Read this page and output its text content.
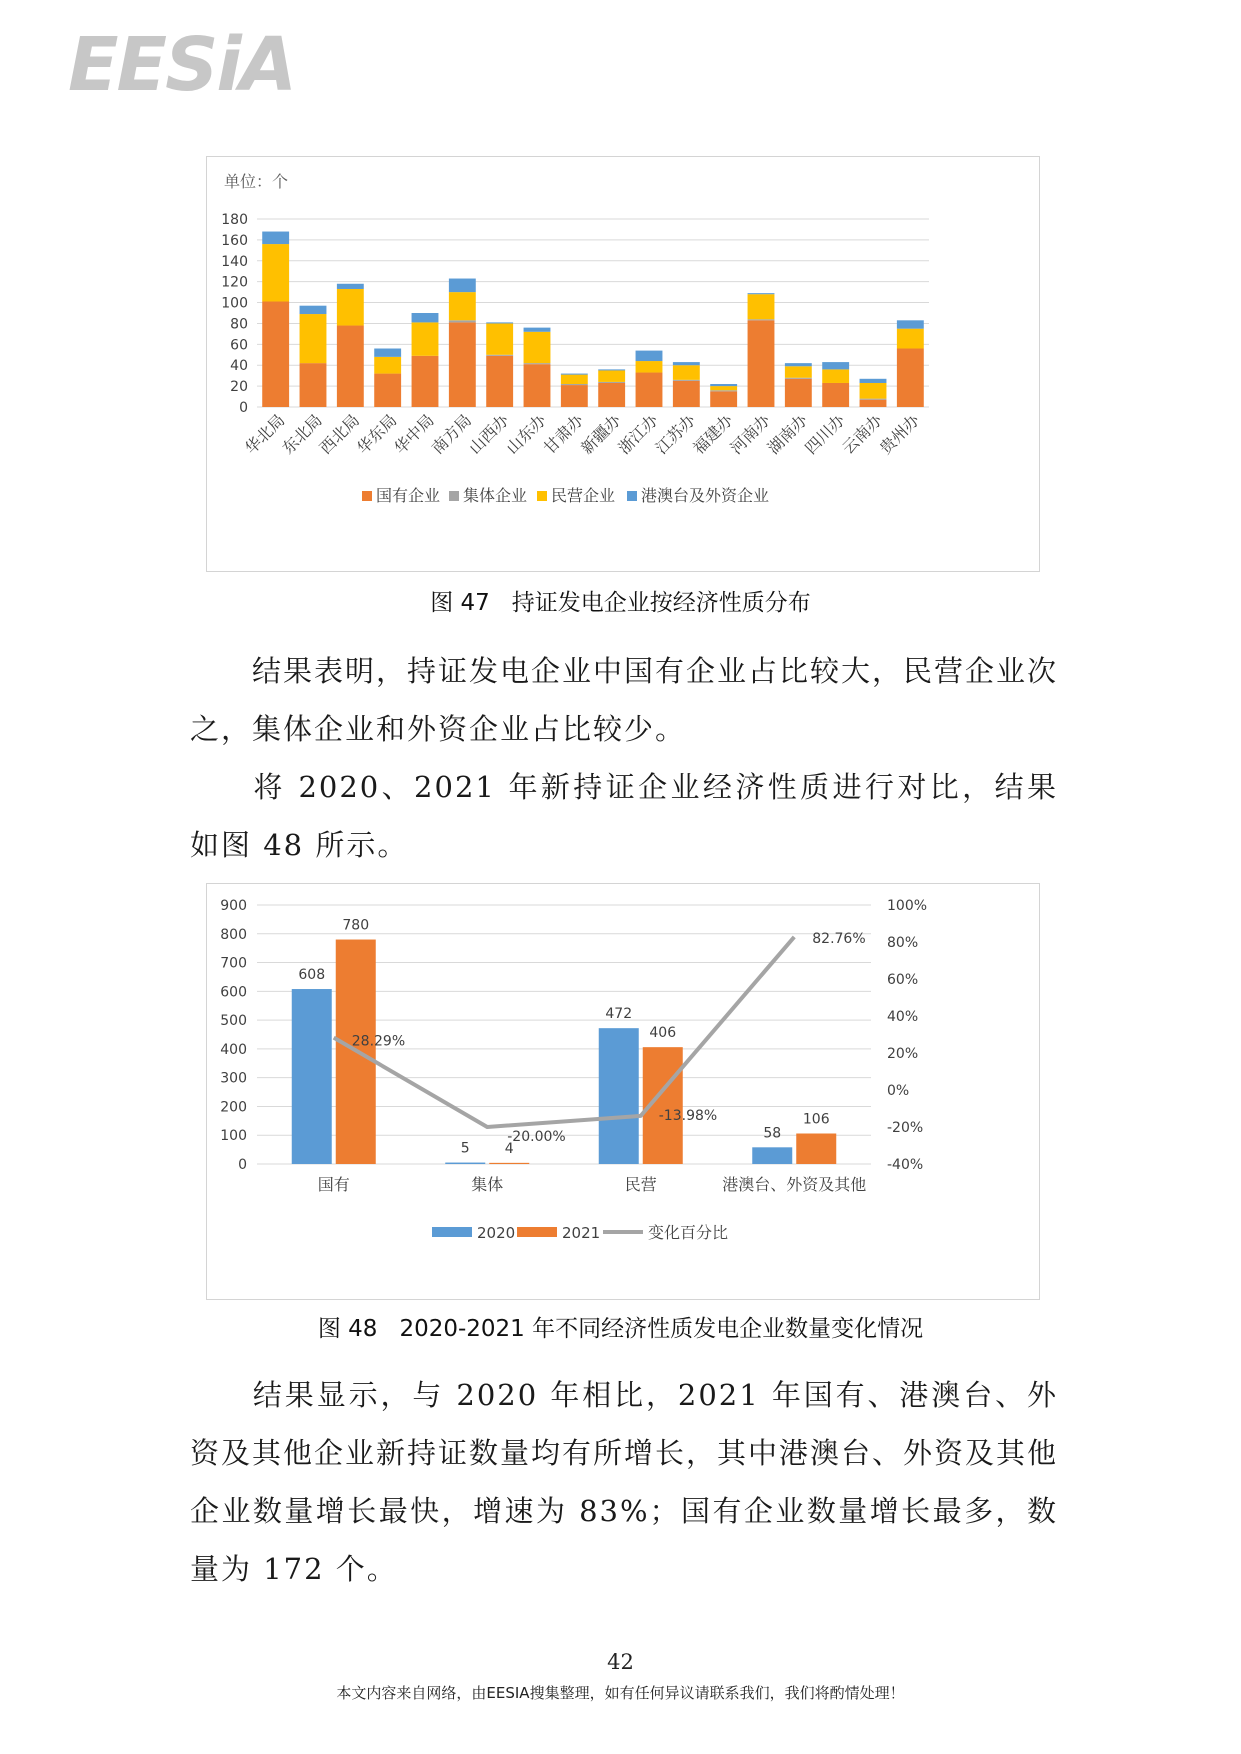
EESiA
单位：个
0
20
40
60
80
100
120
140
160
180
华北局
东北局
西北局
华东局
华中局
南方局
山西办
山东办
甘肃办
新疆办
浙江办
江苏办
福建办
河南办
湖南办
四川办
云南办
贵州办
国有企业 集体企业 民营企业 港澳台及外资企业
图 47 持证发电企业按经济性质分布
结果表明，持证发电企业中国有企业占比较大，民营企业次之，集体企业和外资企业占比较少。
将 2020、2021 年新持证企业经济性质进行对比，结果如图 48 所示。
0
100
200
300
400
500
600
700
800
900
-40%
-20%
0%
20%
40%
60%
80%
100%
608
780
国有
5	4
集体
472
406
民营
58
106
港澳台、外资及其他
28.29%
-20.00%
-13.98%
82.76%
2020	2021	变化百分比
图 48 2020-2021 年不同经济性质发电企业数量变化情况
结果显示，与 2020 年相比，2021 年国有、港澳台、外资及其他企业新持证数量均有所增长，其中港澳台、外资及其他企业数量增长最快，增速为 83%；国有企业数量增长最多，数量为 172 个。
42
本文内容来自网络，由EESIA搜集整理，如有任何异议请联系我们，我们将酌情处理！
